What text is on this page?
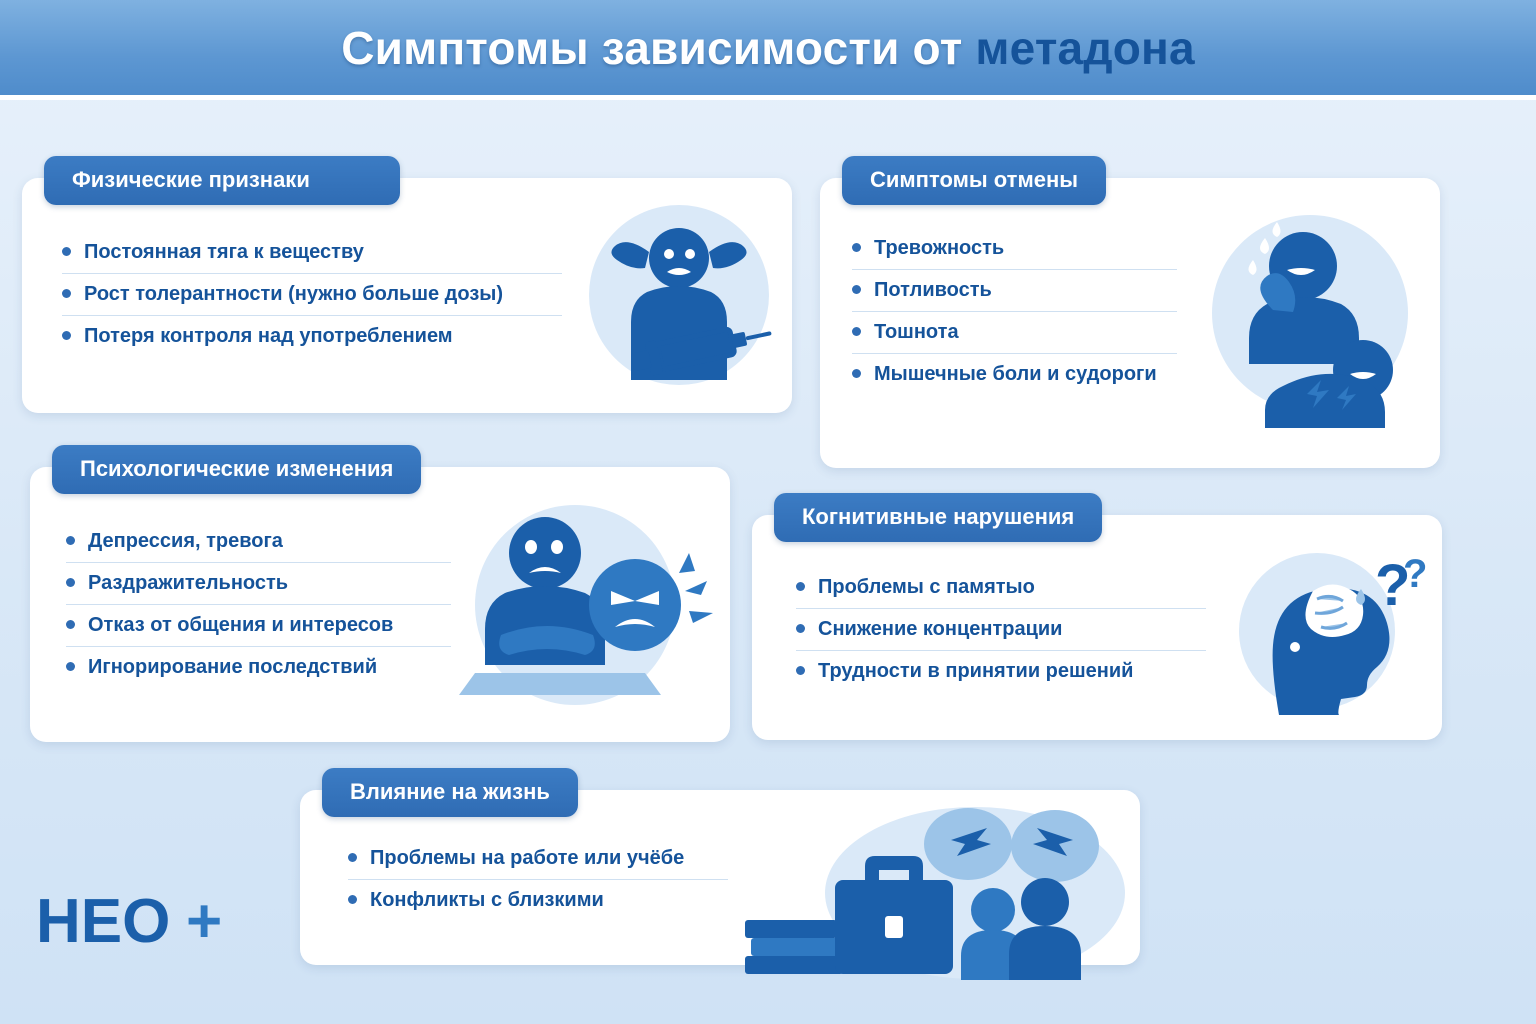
Симптомы зависимости от метадона
Физические признаки
Постоянная тяга к веществу
Рост толерантности (нужно больше дозы)
Потеря контроля над употреблением
Психологические изменения
Депрессия, тревога
Раздражительность
Отказ от общения и интересов
Игнорирование последствий
Симптомы отмены
Тревожность
Потливость
Тошнота
Мышечные боли и судороги
Когнитивные нарушения
Проблемы с памятыо
Снижение концентрации
Трудности в принятии решений
?
?
Влияние на жизнь
Проблемы на работе или учёбе
Конфликты с близкими
НЕО +
